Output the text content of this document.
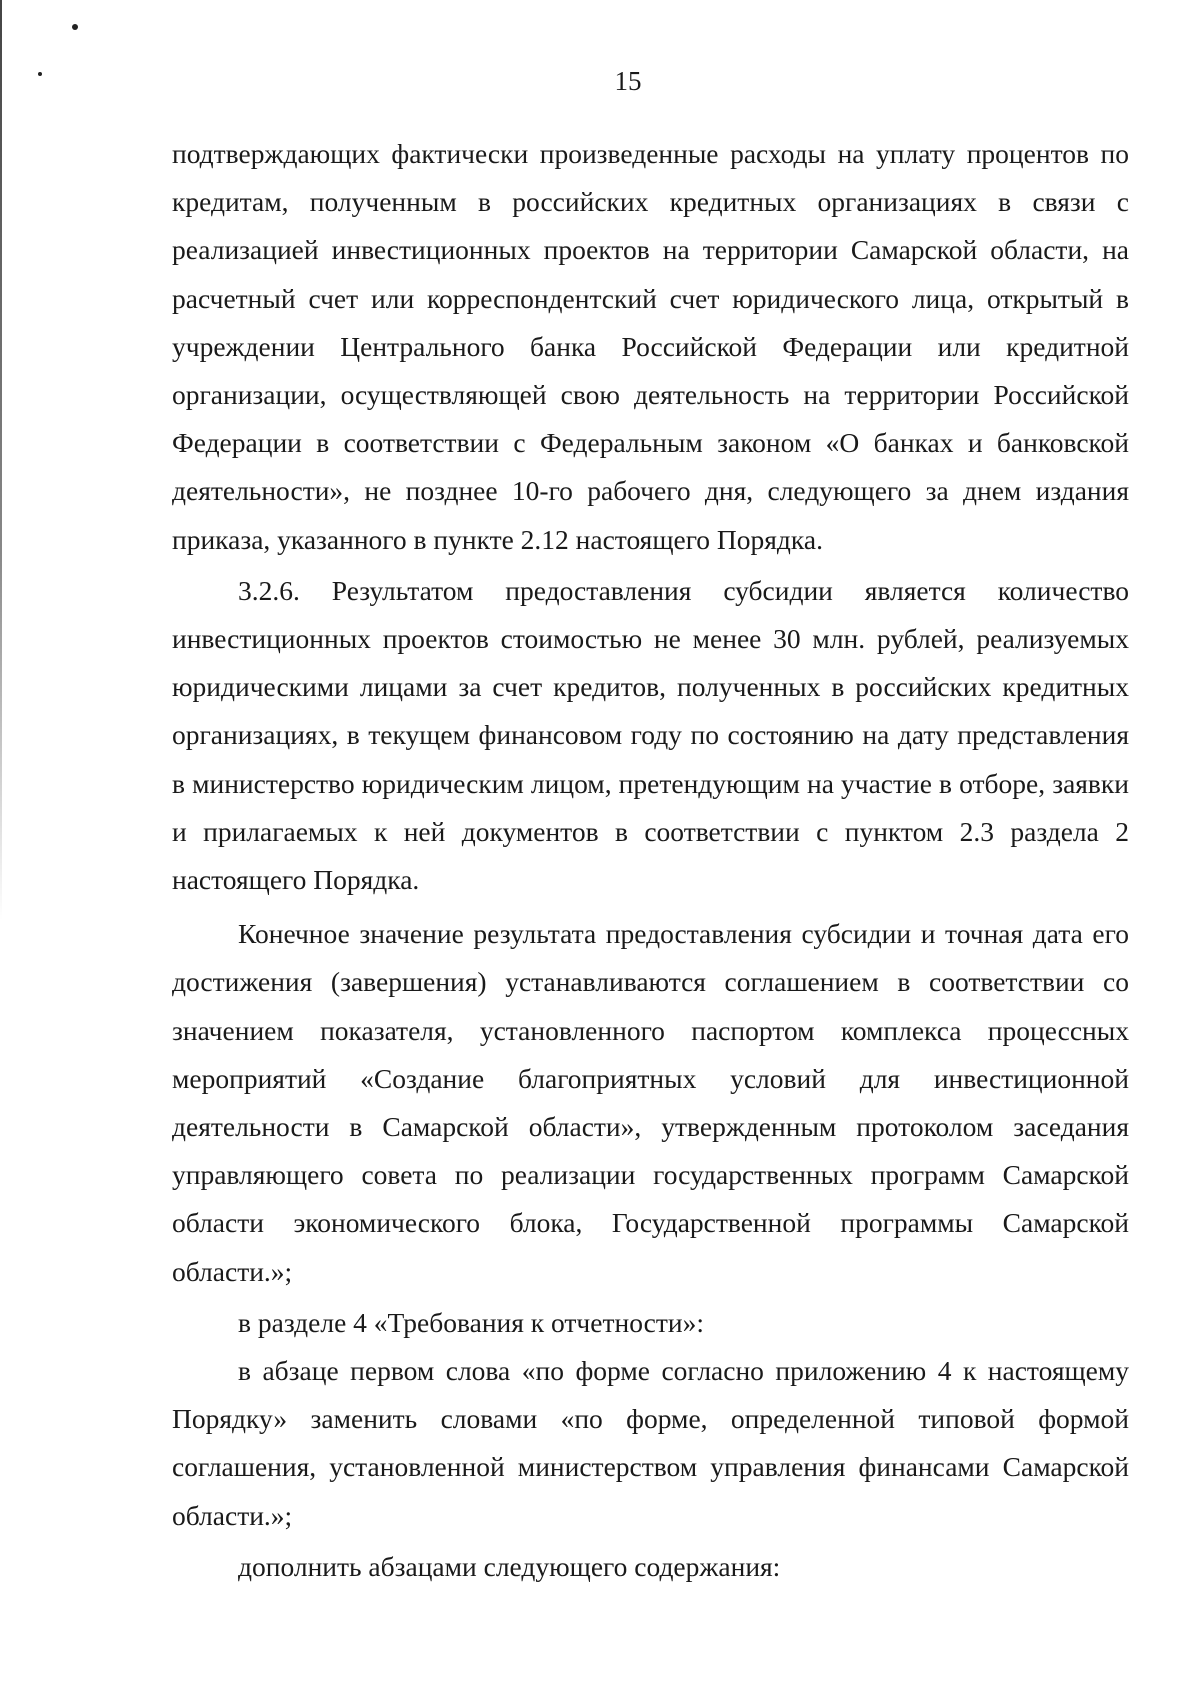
15

подтверждающих фактически произведенные расходы на уплату процентов по кредитам, полученным в российских кредитных организациях в связи с реализацией инвестиционных проектов на территории Самарской области, на расчетный счет или корреспондентский счет юридического лица, открытый в учреждении Центрального банка Российской Федерации или кредитной организации, осуществляющей свою деятельность на территории Российской Федерации в соответствии с Федеральным законом «О банках и банковской деятельности», не позднее 10-го рабочего дня, следующего за днем издания приказа, указанного в пункте 2.12 настоящего Порядка.

3.2.6. Результатом предоставления субсидии является количество инвестиционных проектов стоимостью не менее 30 млн. рублей, реализуемых юридическими лицами за счет кредитов, полученных в российских кредитных организациях, в текущем финансовом году по состоянию на дату представления в министерство юридическим лицом, претендующим на участие в отборе, заявки и прилагаемых к ней документов в соответствии с пунктом 2.3 раздела 2 настоящего Порядка.

Конечное значение результата предоставления субсидии и точная дата его достижения (завершения) устанавливаются соглашением в соответствии со значением показателя, установленного паспортом комплекса процессных мероприятий «Создание благоприятных условий для инвестиционной деятельности в Самарской области», утвержденным протоколом заседания управляющего совета по реализации государственных программ Самарской области экономического блока, Государственной программы Самарской области.»;

в разделе 4 «Требования к отчетности»:

в абзаце первом слова «по форме согласно приложению 4 к настоящему Порядку» заменить словами «по форме, определенной типовой формой соглашения, установленной министерством управления финансами Самарской области.»;

дополнить абзацами следующего содержания:
